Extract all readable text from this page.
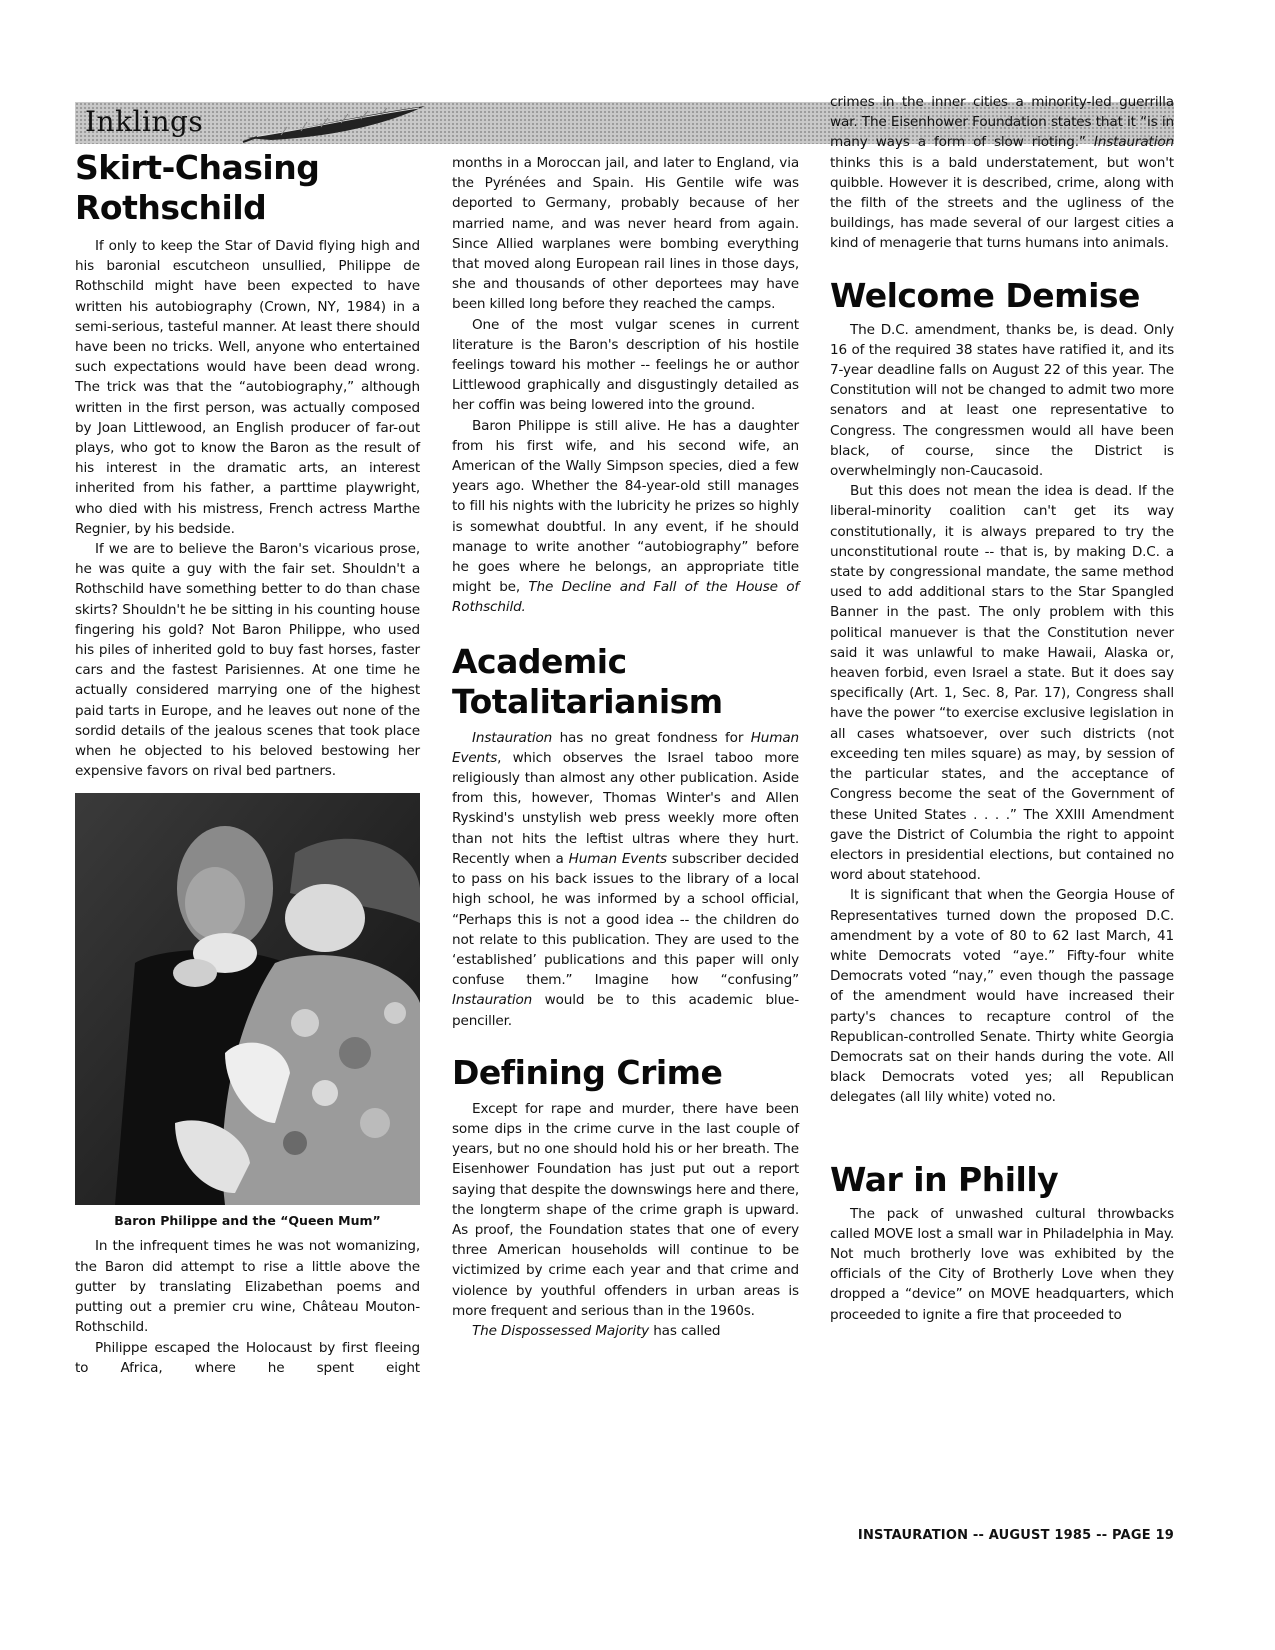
Inklings
Skirt-Chasing Rothschild

If only to keep the Star of David flying high and his baronial escutcheon unsullied, Philippe de Rothschild might have been expected to have written his autobiography (Crown, NY, 1984) in a semi-serious, tasteful manner. At least there should have been no tricks. Well, anyone who entertained such expectations would have been dead wrong. The trick was that the “autobiography,” although written in the first person, was actually composed by Joan Littlewood, an English producer of far-out plays, who got to know the Baron as the result of his interest in the dramatic arts, an interest inherited from his father, a parttime playwright, who died with his mistress, French actress Marthe Regnier, by his bedside.

If we are to believe the Baron's vicarious prose, he was quite a guy with the fair set. Shouldn't a Rothschild have something better to do than chase skirts? Shouldn't he be sitting in his counting house fingering his gold? Not Baron Philippe, who used his piles of inherited gold to buy fast horses, faster cars and the fastest Parisiennes. At one time he actually considered marrying one of the highest paid tarts in Europe, and he leaves out none of the sordid details of the jealous scenes that took place when he objected to his beloved bestowing her expensive favors on rival bed partners.

Baron Philippe and the “Queen Mum”

In the infrequent times he was not womanizing, the Baron did attempt to rise a little above the gutter by translating Elizabethan poems and putting out a premier cru wine, Château Mouton-Rothschild.

Philippe escaped the Holocaust by first fleeing to Africa, where he spent eight

months in a Moroccan jail, and later to England, via the Pyrénées and Spain. His Gentile wife was deported to Germany, probably because of her married name, and was never heard from again. Since Allied warplanes were bombing everything that moved along European rail lines in those days, she and thousands of other deportees may have been killed long before they reached the camps.

One of the most vulgar scenes in current literature is the Baron's description of his hostile feelings toward his mother -- feelings he or author Littlewood graphically and disgustingly detailed as her coffin was being lowered into the ground.

Baron Philippe is still alive. He has a daughter from his first wife, and his second wife, an American of the Wally Simpson species, died a few years ago. Whether the 84-year-old still manages to fill his nights with the lubricity he prizes so highly is somewhat doubtful. In any event, if he should manage to write another “autobiography” before he goes where he belongs, an appropriate title might be, The Decline and Fall of the House of Rothschild.

Academic Totalitarianism

Instauration has no great fondness for Human Events, which observes the Israel taboo more religiously than almost any other publication. Aside from this, however, Thomas Winter's and Allen Ryskind's unstylish web press weekly more often than not hits the leftist ultras where they hurt. Recently when a Human Events subscriber decided to pass on his back issues to the library of a local high school, he was informed by a school official, “Perhaps this is not a good idea -- the children do not relate to this publication. They are used to the ‘established’ publications and this paper will only confuse them.” Imagine how “confusing” Instauration would be to this academic blue-penciller.

Defining Crime

Except for rape and murder, there have been some dips in the crime curve in the last couple of years, but no one should hold his or her breath. The Eisenhower Foundation has just put out a report saying that despite the downswings here and there, the longterm shape of the crime graph is upward. As proof, the Foundation states that one of every three American households will continue to be victimized by crime each year and that crime and violence by youthful offenders in urban areas is more frequent and serious than in the 1960s.

The Dispossessed Majority has called

crimes in the inner cities a minority-led guerrilla war. The Eisenhower Foundation states that it “is in many ways a form of slow rioting.” Instauration thinks this is a bald understatement, but won't quibble. However it is described, crime, along with the filth of the streets and the ugliness of the buildings, has made several of our largest cities a kind of menagerie that turns humans into animals.

Welcome Demise

The D.C. amendment, thanks be, is dead. Only 16 of the required 38 states have ratified it, and its 7-year deadline falls on August 22 of this year. The Constitution will not be changed to admit two more senators and at least one representative to Congress. The congressmen would all have been black, of course, since the District is overwhelmingly non-Caucasoid.

But this does not mean the idea is dead. If the liberal-minority coalition can't get its way constitutionally, it is always prepared to try the unconstitutional route -- that is, by making D.C. a state by congressional mandate, the same method used to add additional stars to the Star Spangled Banner in the past. The only problem with this political manuever is that the Constitution never said it was unlawful to make Hawaii, Alaska or, heaven forbid, even Israel a state. But it does say specifically (Art. 1, Sec. 8, Par. 17), Congress shall have the power “to exercise exclusive legislation in all cases whatsoever, over such districts (not exceeding ten miles square) as may, by session of the particular states, and the acceptance of Congress become the seat of the Government of these United States . . . .” The XXIII Amendment gave the District of Columbia the right to appoint electors in presidential elections, but contained no word about statehood.

It is significant that when the Georgia House of Representatives turned down the proposed D.C. amendment by a vote of 80 to 62 last March, 41 white Democrats voted “aye.” Fifty-four white Democrats voted “nay,” even though the passage of the amendment would have increased their party's chances to recapture control of the Republican-controlled Senate. Thirty white Georgia Democrats sat on their hands during the vote. All black Democrats voted yes; all Republican delegates (all lily white) voted no.

War in Philly

The pack of unwashed cultural throwbacks called MOVE lost a small war in Philadelphia in May. Not much brotherly love was exhibited by the officials of the City of Brotherly Love when they dropped a “device” on MOVE headquarters, which proceeded to ignite a fire that proceeded to

INSTAURATION -- AUGUST 1985 -- PAGE 19
